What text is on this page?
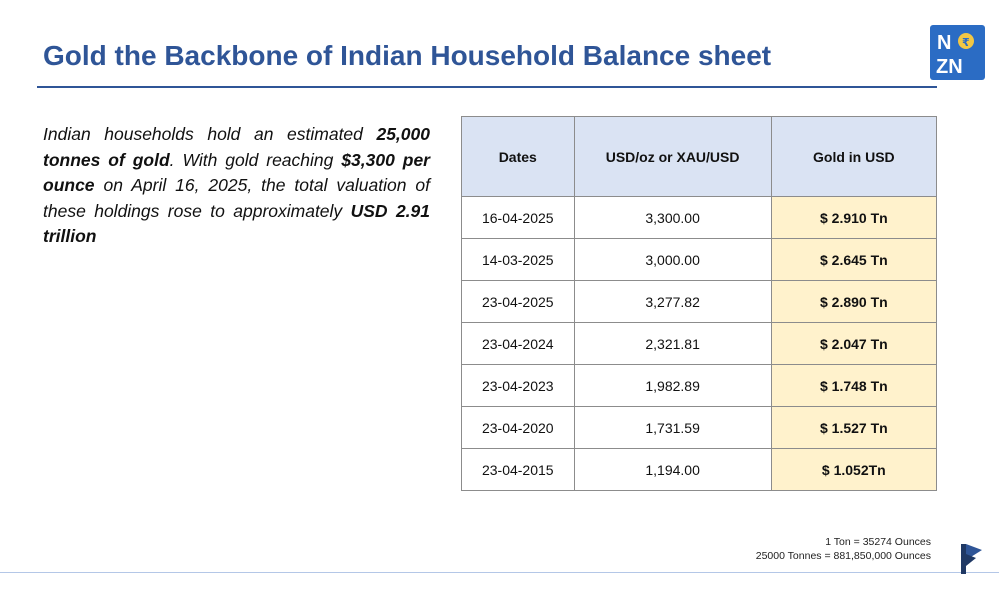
Gold the Backbone of Indian Household Balance sheet	N ₹
ZN
Indian households hold an estimated 25,000 tonnes of gold. With gold reaching $3,300 per ounce on April 16, 2025, the total valuation of these holdings rose to approximately USD 2.91 trillion
Dates	USD/oz or XAU/USD	Gold in USD
16-04-2025	3,300.00	$ 2.910 Tn
14-03-2025	3,000.00	$ 2.645 Tn
23-04-2025	3,277.82	$ 2.890 Tn
23-04-2024	2,321.81	$ 2.047 Tn
23-04-2023	1,982.89	$ 1.748 Tn
23-04-2020	1,731.59	$ 1.527 Tn
23-04-2015	1,194.00	$ 1.052Tn
1 Ton = 35274 Ounces
25000 Tonnes = 881,850,000 Ounces
